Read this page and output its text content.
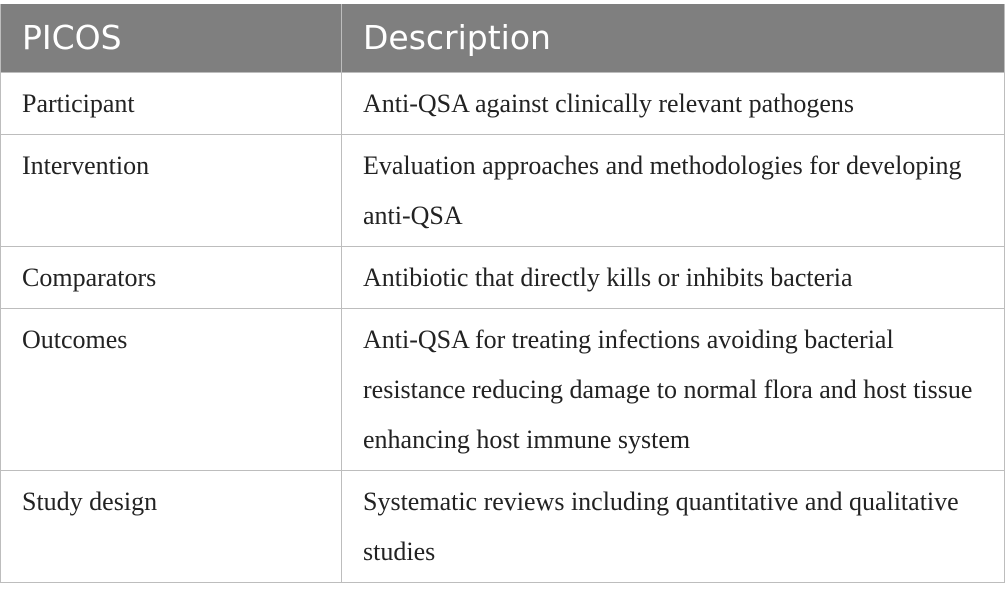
PICOS	Description
Participant	Anti-QSA against clinically relevant pathogens
Intervention	Evaluation approaches and methodologies for developing anti-QSA
Comparators	Antibiotic that directly kills or inhibits bacteria
Outcomes	Anti-QSA for treating infections avoiding bacterial resistance reducing damage to normal flora and host tissue enhancing host immune system
Study design	Systematic reviews including quantitative and qualitative studies
